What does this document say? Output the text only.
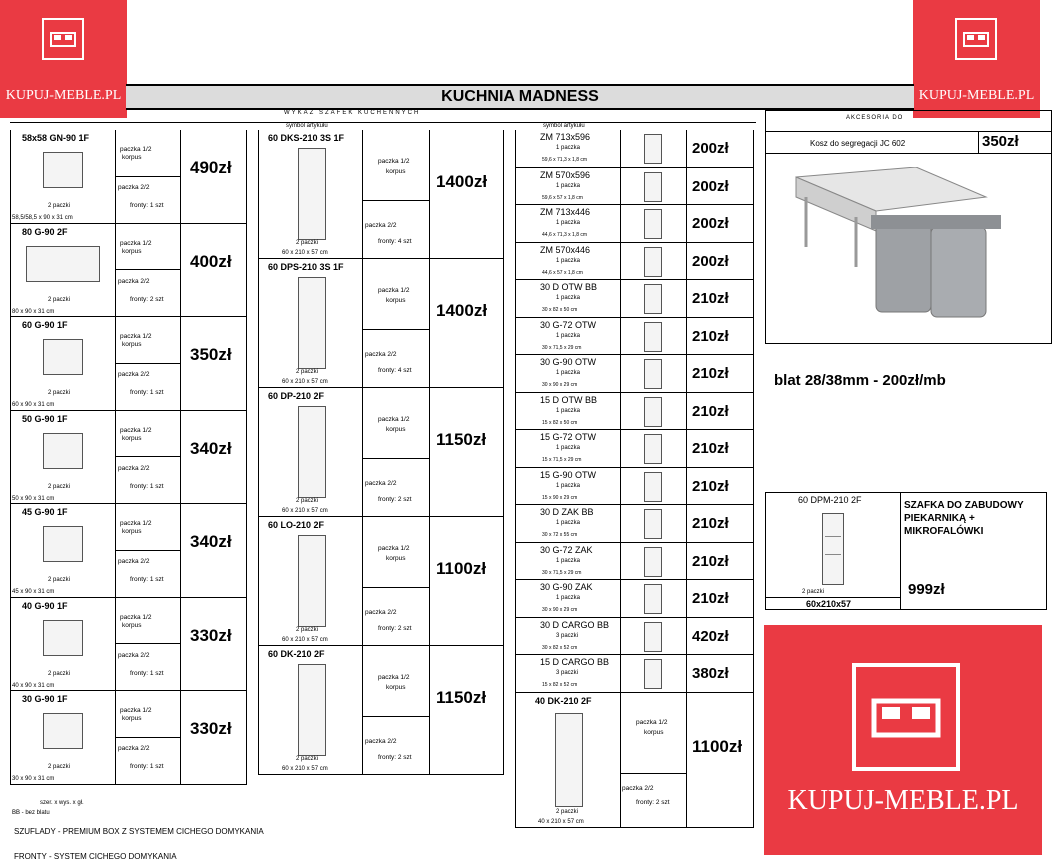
KUPUJ-MEBLE.PL	KUPUJ-MEBLE.PL
KUPUJ-MEBLE.PL
KUCHNIA MADNESS
WYKAZ SZAFEK KUCHENNYCH
symbol artykułu	symbol artykułu
58x58 GN-90 1F
2 paczki
58,5/58,5 x 90 x 31 cm
paczka 1/2
korpus
paczka 2/2
fronty: 1 szt
490zł
80 G-90 2F
2 paczki
80 x 90 x 31 cm
paczka 1/2
korpus
paczka 2/2
fronty: 2 szt
400zł
60 G-90 1F
2 paczki
60 x 90 x 31 cm
paczka 1/2
korpus
paczka 2/2
fronty: 1 szt
350zł
50 G-90 1F
2 paczki
50 x 90 x 31 cm
paczka 1/2
korpus
paczka 2/2
fronty: 1 szt
340zł
45 G-90 1F
2 paczki
45 x 90 x 31 cm
paczka 1/2
korpus
paczka 2/2
fronty: 1 szt
340zł
40 G-90 1F
2 paczki
40 x 90 x 31 cm
paczka 1/2
korpus
paczka 2/2
fronty: 1 szt
330zł
30 G-90 1F
2 paczki
30 x 90 x 31 cm
paczka 1/2
korpus
paczka 2/2
fronty: 1 szt
330zł
60 DKS-210 3S 1F
2 paczki
60 x 210 x 57 cm
paczka 1/2
korpus
paczka 2/2
fronty: 4 szt
1400zł
60 DPS-210 3S 1F
2 paczki
60 x 210 x 57 cm
paczka 1/2
korpus
paczka 2/2
fronty: 4 szt
1400zł
60 DP-210 2F
2 paczki
60 x 210 x 57 cm
paczka 1/2
korpus
paczka 2/2
fronty: 2 szt
1150zł
60 LO-210 2F
2 paczki
60 x 210 x 57 cm
paczka 1/2
korpus
paczka 2/2
fronty: 2 szt
1100zł
60 DK-210 2F
2 paczki
60 x 210 x 57 cm
paczka 1/2
korpus
paczka 2/2
fronty: 2 szt
1150zł
ZM 713x596
1 paczka
59,6 x 71,3 x 1,8 cm
200zł
ZM 570x596
1 paczka
59,6 x 57 x 1,8 cm
200zł
ZM 713x446
1 paczka
44,6 x 71,3 x 1,8 cm
200zł
ZM 570x446
1 paczka
44,6 x 57 x 1,8 cm
200zł
30 D OTW BB
1 paczka
30 x 82 x 50 cm
210zł
30 G-72 OTW
1 paczka
30 x 71,5 x 29 cm
210zł
30 G-90 OTW
1 paczka
30 x 90 x 29 cm
210zł
15 D OTW BB
1 paczka
15 x 82 x 50 cm
210zł
15 G-72 OTW
1 paczka
15 x 71,5 x 29 cm
210zł
15 G-90 OTW
1 paczka
15 x 90 x 29 cm
210zł
30 D ZAK BB
1 paczka
30 x 72 x 55 cm
210zł
30 G-72 ZAK
1 paczka
30 x 71,5 x 29 cm
210zł
30 G-90 ZAK
1 paczka
30 x 90 x 29 cm
210zł
30 D CARGO BB
3 paczki
30 x 82 x 52 cm
420zł
15 D CARGO BB
3 paczki
15 x 82 x 52 cm
380zł
40 DK-210 2F
2 paczki
40 x 210 x 57 cm
paczka 1/2
korpus
paczka 2/2
fronty: 2 szt
1100zł
AKCESORIA DO
Kosz do segregacji JC 602	350zł
blat 28/38mm - 200zł/mb
60 DPM-210 2F
2 paczki
60x210x57
SZAFKA DO ZABUDOWY PIEKARNIKĄ + MIKROFALÓWKI
999zł
szer. x wys. x gł.
BB - bez blatu
SZUFLADY - PREMIUM BOX Z SYSTEMEM CICHEGO DOMYKANIA
FRONTY - SYSTEM CICHEGO DOMYKANIA
